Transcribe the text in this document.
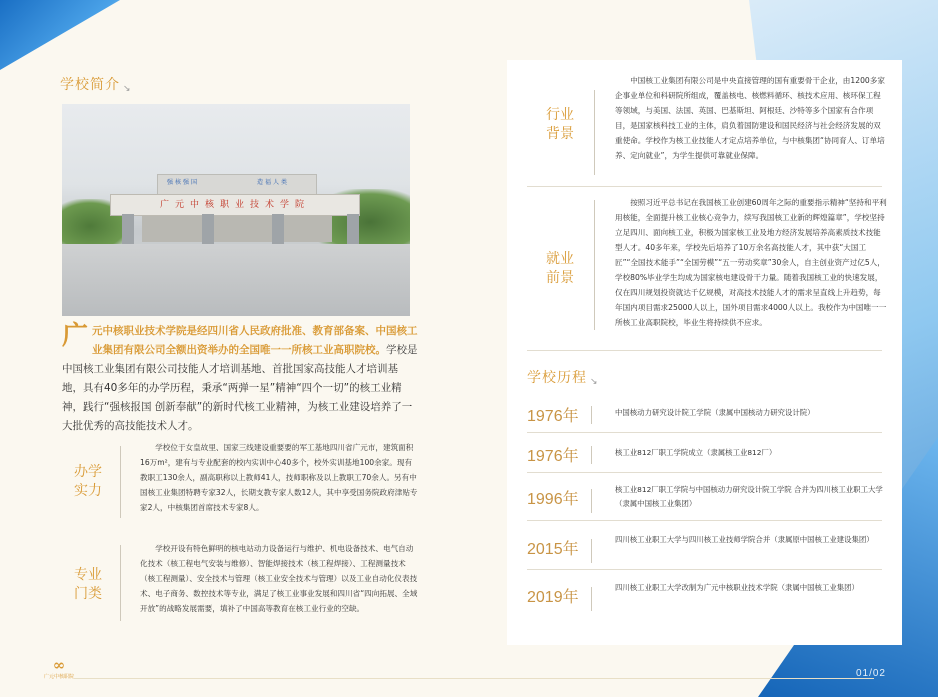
学校简介 ↘
强核强国	造福人类
广元中核职业技术学院
广元中核职业技术学院是经四川省人民政府批准、教育部备案、中国核工业集团有限公司全额出资举办的全国唯一一所核工业高职院校。学校是中国核工业集团有限公司技能人才培训基地、首批国家高技能人才培训基地，具有40多年的办学历程，秉承“两弹一星”精神“四个一切”的核工业精神，践行“强核报国 创新奉献”的新时代核工业精神，为核工业建设培养了一大批优秀的高技能技术人才。
办学
实力
学校位于女皇故里、国家三线建设重要要的军工基地四川省广元市，建筑面积16万m²，建有与专业配套的校内实训中心40多个，校外实训基地100余家。现有教职工130余人，副高职称以上教师41人，技师职称及以上教职工70余人。另有中国核工业集团特聘专家32人，长期支教专家人数12人，其中享受国务院政府津贴专家2人，中核集团首席技术专家8人。
专业
门类
学校开设有特色鲜明的核电站动力设备运行与维护、机电设备技术、电气自动化技术（核工程电气安装与维修）、智能焊接技术（核工程焊接）、工程测量技术（核工程测量）、安全技术与管理（核工业安全技术与管理）以及工业自动化仪表技术、电子商务、数控技术等专业，满足了核工业事业发展和四川省“四向拓展、全域开放”的战略发展需要，填补了中国高等教育在核工业行业的空缺。
行业
背景
中国核工业集团有限公司是中央直接管理的国有重要骨干企业，由1200多家企事业单位和科研院所组成，覆盖核电、核燃料循环、核技术应用、核环保工程等领域，与美国、法国、英国、巴基斯坦、阿根廷、沙特等多个国家有合作项目，是国家核科技工业的主体，肩负着国防建设和国民经济与社会经济发展的双重使命。学校作为核工业技能人才定点培养单位，与中核集团“协同育人、订单培养、定向就业”，为学生提供可靠就业保障。
就业
前景
按照习近平总书记在我国核工业创建60周年之际的重要指示精神“坚持和平利用核能，全面提升核工业核心竞争力，续写我国核工业新的辉煌篇章”，学校坚持立足四川、面向核工业，积极为国家核工业及地方经济发展培养高素质技术技能型人才。40多年来，学校先后培养了10万余名高技能人才，其中获“大国工匠”“全国技术能手”“全国劳模”“五一劳动奖章”30余人，自主创业资产过亿5人，学校80%毕业学生均成为国家核电建设骨干力量。随着我国核工业的快速发展，仅在四川规划投资就达千亿规模，对高技术技能人才的需求呈直线上升趋势，每年国内项目需求25000人以上，国外项目需求4000人以上。我校作为中国唯一一所核工业高职院校，毕业生将持续供不应求。
学校历程 ↘
1976年	中国核动力研究设计院工学院（隶属中国核动力研究设计院）
1976年	核工业812厂职工学院成立（隶属核工业812厂）
1996年
核工业812厂职工学院与中国核动力研究设计院工学院 合并为四川核工业职工大学（隶属中国核工业集团）
2015年
四川核工业职工大学与四川核工业技师学院合并（隶属原中国核工业建设集团）
2019年
四川核工业职工大学改制为广元中核职业技术学院（隶属中国核工业集团）
∞
广元中核职院	01/02
